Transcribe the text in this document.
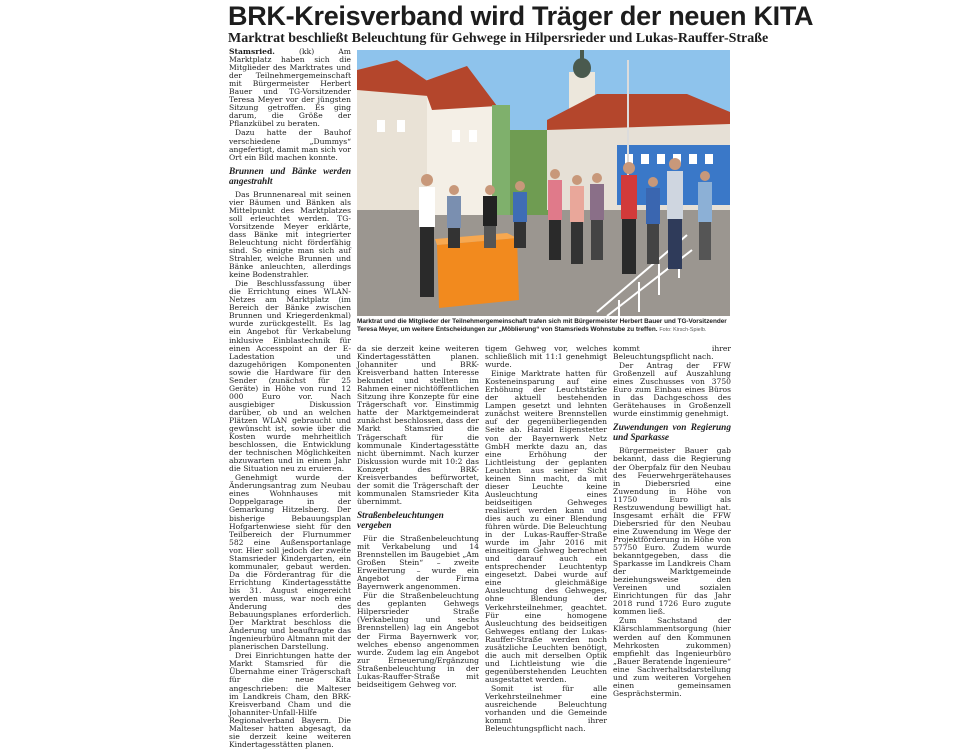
BRK-Kreisverband wird Träger der neuen KITA
Marktrat beschließt Beleuchtung für Gehwege in Hilpersrieder und Lukas-Rauffer-Straße

Stamsried.	(kk) Am Marktplatz haben sich die Mitglieder des Marktrates und der Teilnehmergemeinschaft mit Bürgermeister Herbert Bauer und TG-Vorsitzender Teresa Meyer vor der jüngsten Sitzung getroffen. Es ging darum, die Größe der Pflanzkübel zu beraten.

Dazu hatte der Bauhof verschiedene „Dummys“ angefertigt, damit man sich vor Ort ein Bild machen konnte.

Brunnen und Bänke werden angestrahlt

Das Brunnenareal mit seinen vier Bäumen und Bänken als Mittelpunkt des Marktplatzes soll erleuchtet werden. TG-Vorsitzende Meyer erklärte, dass Bänke mit integrierter Beleuchtung nicht förderfähig sind. So einigte man sich auf Strahler, welche Brunnen und Bänke anleuchten, allerdings keine Bodenstrahler.

Die Beschlussfassung über die Errichtung eines WLAN-Netzes am Marktplatz (im Bereich der Bänke zwischen Brunnen und Kriegerdenkmal) wurde zurückgestellt. Es lag ein Angebot für Verkabelung inklusive Einblastechnik für einen Accesspoint an der E-Ladestation und dazugehörigen Komponenten sowie die Hardware für den Sender (zunächst für 25 Geräte) in Höhe von rund 12 000 Euro vor. Nach ausgiebiger Diskussion darüber, ob und an welchen Plätzen WLAN gebraucht und gewünscht ist, sowie über die Kosten wurde mehrheitlich beschlossen, die Entwicklung der technischen Möglichkeiten abzuwarten und in einem Jahr die Situation neu zu eruieren.

Genehmigt wurde der Änderungsantrag zum Neubau eines Wohnhauses mit Doppelgarage in der Gemarkung Hitzelsberg. Der bisherige Bebauungsplan Hofgartenwiese sieht für den Teilbereich der Flurnummer 582 eine Außensportanlage vor. Hier soll jedoch der zweite Stamsrieder Kindergarten, ein kommunaler, gebaut werden. Da die Förderantrag für die Errichtung Kindertagesstätte bis 31. August eingereicht werden muss, war noch eine Änderung des Bebauungsplanes erforderlich. Der Marktrat beschloss die Änderung und beauftragte das Ingenieurbüro Altmann mit der planerischen Darstellung.

Drei Einrichtungen hatte der Markt Stamsried für die Übernahme einer Trägerschaft für die neue Kita angeschrieben: die Malteser im Landkreis Cham, den BRK-Kreisverband Cham und die Johanniter-Unfall-Hilfe Regionalverband Bayern. Die Malteser hatten abgesagt, da sie derzeit keine weiteren Kindertagesstätten planen.

Marktrat und die Mitglieder der Teilnehmergemeinschaft trafen sich mit Bürgermeister Herbert Bauer und TG-Vorsitzender Teresa Meyer, um weitere Entscheidungen zur „Möblierung“ von Stamsrieds Wohnstube zu treffen. Foto: Kirsch-Spielb.

da sie derzeit keine weiteren Kindertagesstätten planen. Johanniter und BRK-Kreisverband hatten Interesse bekundet und stellten im Rahmen einer nichtöffentlichen Sitzung ihre Konzepte für eine Trägerschaft vor. Einstimmig hatte der Marktgemeinderat zunächst beschlossen, dass der Markt Stamsried die Trägerschaft für die kommunale Kindertagesstätte nicht übernimmt. Nach kurzer Diskussion wurde mit 10:2 das Konzept des BRK-Kreisverbandes befürwortet, der somit die Trägerschaft der kommunalen Stamsrieder Kita übernimmt.

Straßenbeleuchtungen vergeben

Für die Straßenbeleuchtung mit Verkabelung und 14 Brennstellen im Baugebiet „Am Großen Stein“ – zweite Erweiterung – wurde ein Angebot der Firma Bayernwerk angenommen.

Für die Straßenbeleuchtung des geplanten Gehwegs Hilpersrieder Straße (Verkabelung und sechs Brennstellen) lag ein Angebot der Firma Bayernwerk vor, welches ebenso angenommen wurde. Zudem lag ein Angebot zur Erneuerung/Ergänzung Straßenbeleuchtung in der Lukas-Rauffer-Straße mit beidseitigem Gehweg vor.

tigem Gehweg vor, welches schließlich mit 11:1 genehmigt wurde.

Einige Marktrate hatten für Kosteneinsparung auf eine Erhöhung der Leuchtstärke der aktuell bestehenden Lampen gesetzt und lehnten zunächst weitere Brennstellen auf der gegenüberliegenden Seite ab. Harald Eigenstetter von der Bayernwerk Netz GmbH merkte dazu an, das eine Erhöhung der Lichtleistung der geplanten Leuchten aus seiner Sicht keinen Sinn macht, da mit dieser Leuchte keine Ausleuchtung eines beidseitigen Gehweges realisiert werden kann und dies auch zu einer Blendung führen würde. Die Beleuchtung in der Lukas-Rauffer-Straße wurde im Jahr 2016 mit einseitigem Gehweg berechnet und darauf auch ein entsprechender Leuchtentyp eingesetzt. Dabei wurde auf eine gleichmäßige Ausleuchtung des Gehweges, ohne Blendung der Verkehrsteilnehmer, geachtet. Für eine homogene Ausleuchtung des beidseitigen Gehweges entlang der Lukas-Rauffer-Straße werden noch zusätzliche Leuchten benötigt, die auch mit derselben Optik und Lichtleistung wie die gegenüberstehenden Leuchten ausgestattet werden.

Somit ist für alle Verkehrsteilnehmer eine ausreichende Beleuchtung vorhanden und die Gemeinde kommt ihrer Beleuchtungspflicht nach.

kommt ihrer Beleuchtungspflicht nach.

Der Antrag der FFW Großenzell auf Auszahlung eines Zuschusses von 3750 Euro zum Einbau eines Büros in das Dachgeschoss des Gerätehauses in Großenzell wurde einstimmig genehmigt.

Zuwendungen von Regierung und Sparkasse

Bürgermeister Bauer gab bekannt, dass die Regierung der Oberpfalz für den Neubau des Feuerwehrgerätehauses in Diebersried eine Zuwendung in Höhe von 11750 Euro als Restzuwendung bewilligt hat. Insgesamt erhält die FFW Diebersried für den Neubau eine Zuwendung im Wege der Projektförderung in Höhe von 57750 Euro. Zudem wurde bekanntgegeben, dass die Sparkasse im Landkreis Cham der Marktgemeinde beziehungsweise den Vereinen und sozialen Einrichtungen für das Jahr 2018 rund 1726 Euro zugute kommen ließ.

Zum Sachstand der Klärschlammentsorgung (hier werden auf den Kommunen Mehrkosten zukommen) empfiehlt das Ingenieurbüro „Bauer Beratende Ingenieure“ eine Sachverhaltsdarstellung und zum weiteren Vorgehen einen gemeinsamen Gesprächstermin.
